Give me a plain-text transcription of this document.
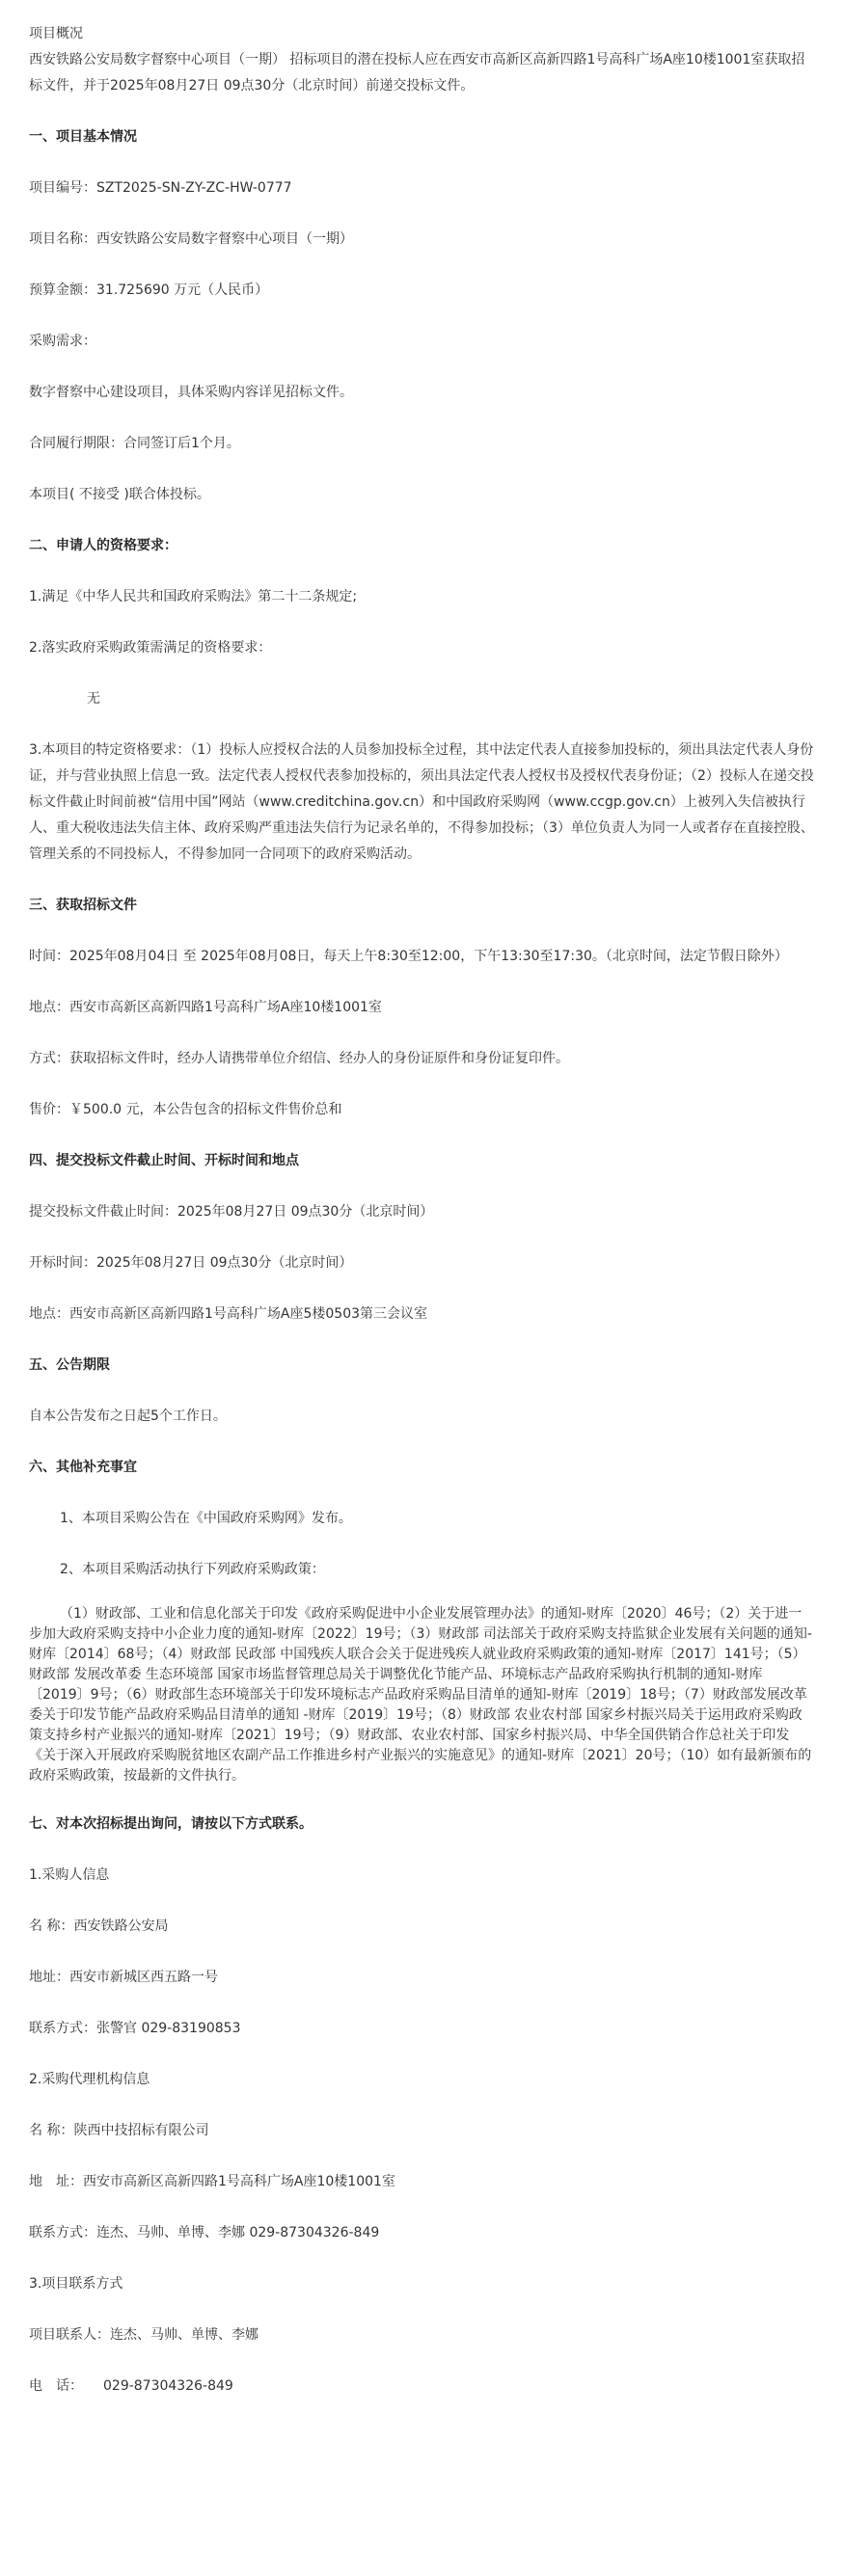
项目概况

西安铁路公安局数字督察中心项目（一期） 招标项目的潜在投标人应在西安市高新区高新四路1号高科广场A座10楼1001室获取招标文件，并于2025年08月27日 09点30分（北京时间）前递交投标文件。

一、项目基本情况

项目编号：SZT2025-SN-ZY-ZC-HW-0777

项目名称：西安铁路公安局数字督察中心项目（一期）

预算金额：31.725690 万元（人民币）

采购需求：

数字督察中心建设项目，具体采购内容详见招标文件。

合同履行期限：合同签订后1个月。

本项目( 不接受 )联合体投标。

二、申请人的资格要求：

1.满足《中华人民共和国政府采购法》第二十二条规定;

2.落实政府采购政策需满足的资格要求：

无

3.本项目的特定资格要求：（1）投标人应授权合法的人员参加投标全过程，其中法定代表人直接参加投标的，须出具法定代表人身份证，并与营业执照上信息一致。法定代表人授权代表参加投标的，须出具法定代表人授权书及授权代表身份证；（2）投标人在递交投标文件截止时间前被“信用中国”网站（www.creditchina.gov.cn）和中国政府采购网（www.ccgp.gov.cn）上被列入失信被执行人、重大税收违法失信主体、政府采购严重违法失信行为记录名单的，不得参加投标；（3）单位负责人为同一人或者存在直接控股、管理关系的不同投标人，不得参加同一合同项下的政府采购活动。

三、获取招标文件

时间：2025年08月04日 至 2025年08月08日，每天上午8:30至12:00，下午13:30至17:30。（北京时间，法定节假日除外）

地点：西安市高新区高新四路1号高科广场A座10楼1001室

方式：获取招标文件时，经办人请携带单位介绍信、经办人的身份证原件和身份证复印件。

售价：￥500.0 元，本公告包含的招标文件售价总和

四、提交投标文件截止时间、开标时间和地点

提交投标文件截止时间：2025年08月27日 09点30分（北京时间）

开标时间：2025年08月27日 09点30分（北京时间）

地点：西安市高新区高新四路1号高科广场A座5楼0503第三会议室

五、公告期限

自本公告发布之日起5个工作日。

六、其他补充事宜

1、本项目采购公告在《中国政府采购网》发布。

2、本项目采购活动执行下列政府采购政策：

（1）财政部、工业和信息化部关于印发《政府采购促进中小企业发展管理办法》的通知-财库〔2020〕46号；（2）关于进一步加大政府采购支持中小企业力度的通知-财库〔2022〕19号；（3）财政部 司法部关于政府采购支持监狱企业发展有关问题的通知-财库〔2014〕68号；（4）财政部 民政部 中国残疾人联合会关于促进残疾人就业政府采购政策的通知-财库〔2017〕141号；（5）财政部 发展改革委 生态环境部 国家市场监督管理总局关于调整优化节能产品、环境标志产品政府采购执行机制的通知-财库〔2019〕9号；（6）财政部生态环境部关于印发环境标志产品政府采购品目清单的通知-财库〔2019〕18号；（7）财政部发展改革委关于印发节能产品政府采购品目清单的通知 -财库〔2019〕19号；（8）财政部 农业农村部 国家乡村振兴局关于运用政府采购政策支持乡村产业振兴的通知-财库〔2021〕19号；（9）财政部、农业农村部、国家乡村振兴局、中华全国供销合作总社关于印发《关于深入开展政府采购脱贫地区农副产品工作推进乡村产业振兴的实施意见》的通知-财库〔2021〕20号；（10）如有最新颁布的政府采购政策，按最新的文件执行。

七、对本次招标提出询问，请按以下方式联系。

1.采购人信息

名 称：西安铁路公安局

地址：西安市新城区西五路一号

联系方式：张警官 029-83190853

2.采购代理机构信息

名 称：陕西中技招标有限公司

地　址：西安市高新区高新四路1号高科广场A座10楼1001室

联系方式：连杰、马帅、单博、李娜 029-87304326-849

3.项目联系方式

项目联系人：连杰、马帅、单博、李娜

电　话：　　029-87304326-849
